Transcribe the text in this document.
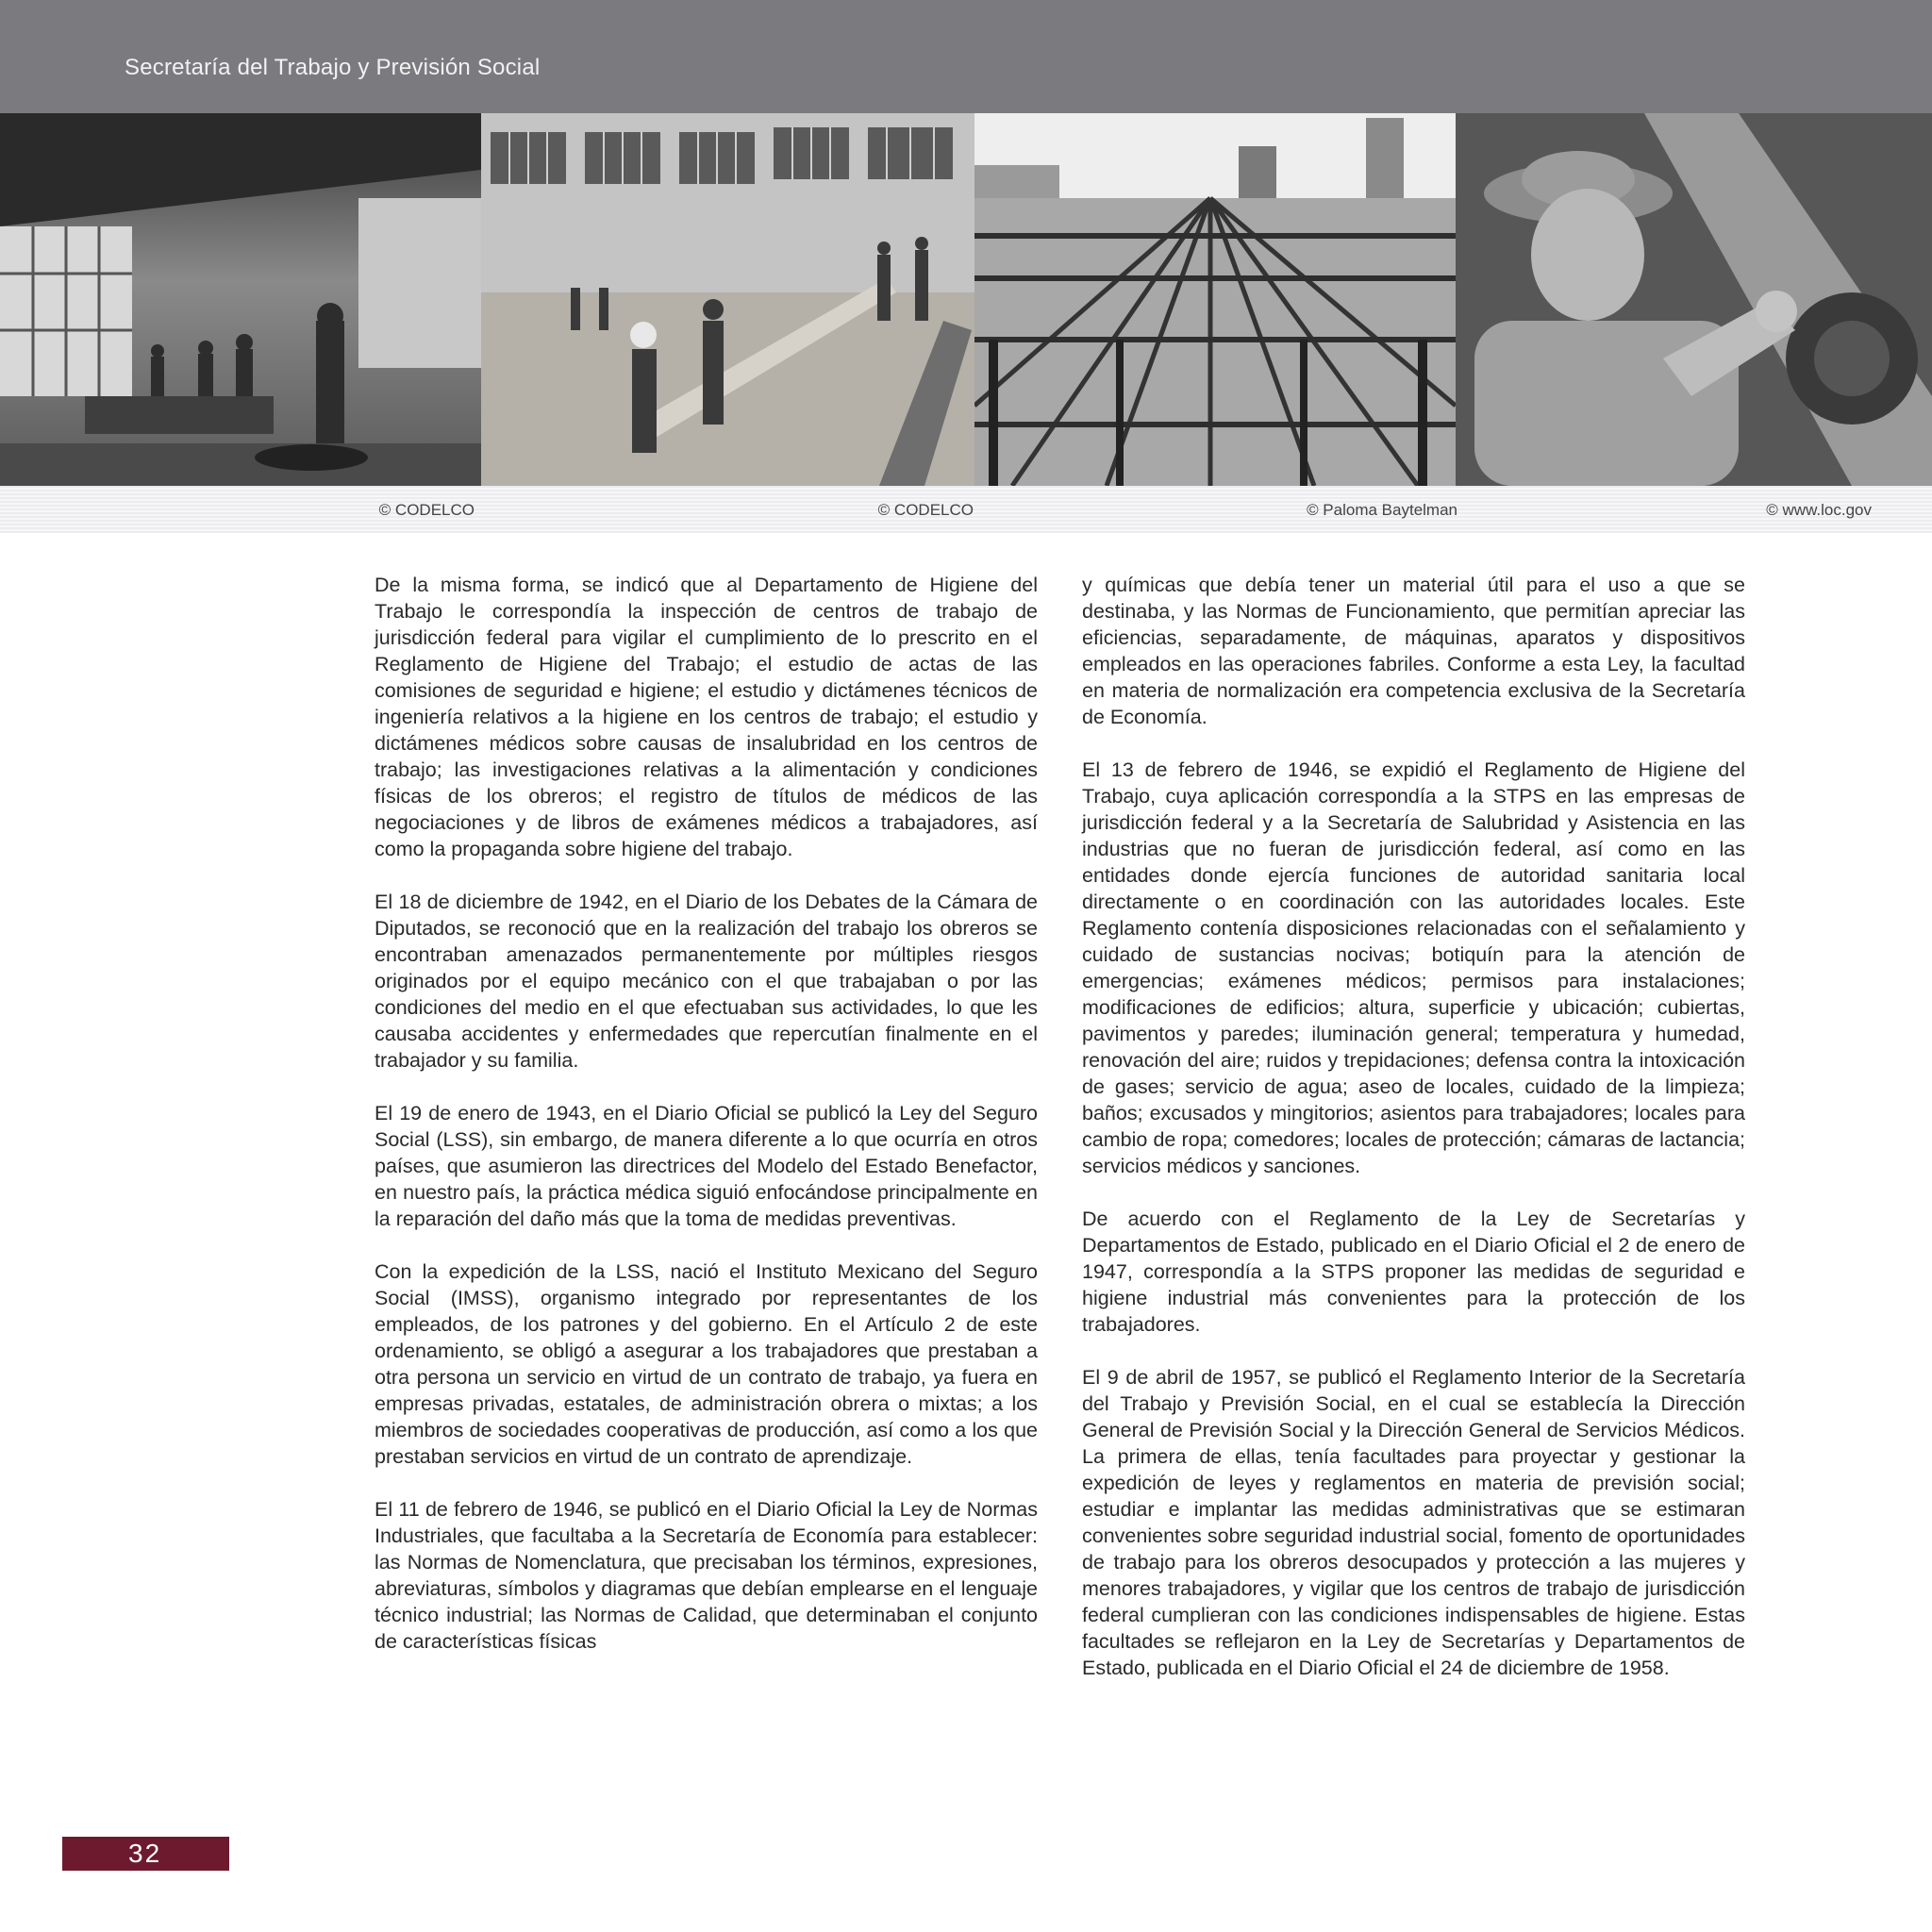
Secretaría del Trabajo y Previsión Social
© CODELCO	© CODELCO	© Paloma Baytelman	© www.loc.gov

De la misma forma, se indicó que al Departamento de Higiene del Trabajo le correspondía la inspección de centros de trabajo de jurisdicción federal para vigilar el cumplimiento de lo prescrito en el Reglamento de Higiene del Trabajo; el estudio de actas de las comisiones de seguridad e higiene; el estudio y dictámenes técnicos de ingeniería relativos a la higiene en los centros de trabajo; el estudio y dictámenes médicos sobre causas de insalubridad en los centros de trabajo; las investigaciones relativas a la alimentación y condiciones físicas de los obreros; el registro de títulos de médicos de las negociaciones y de libros de exámenes médicos a trabajadores, así como la propaganda sobre higiene del trabajo.

El 18 de diciembre de 1942, en el Diario de los Debates de la Cámara de Diputados, se reconoció que en la realización del trabajo los obreros se encontraban amenazados permanentemente por múltiples riesgos originados por el equipo mecánico con el que trabajaban o por las condiciones del medio en el que efectuaban sus actividades, lo que les causaba accidentes y enfermedades que repercutían finalmente en el trabajador y su familia.

El 19 de enero de 1943, en el Diario Oficial se publicó la Ley del Seguro Social (LSS), sin embargo, de manera diferente a lo que ocurría en otros países, que asumieron las directrices del Modelo del Estado Benefactor, en nuestro país, la práctica médica siguió enfocándose principalmente en la reparación del daño más que la toma de medidas preventivas.

Con la expedición de la LSS, nació el Instituto Mexicano del Seguro Social (IMSS), organismo integrado por representantes de los empleados, de los patrones y del gobierno. En el Artículo 2 de este ordenamiento, se obligó a asegurar a los trabajadores que prestaban a otra persona un servicio en virtud de un contrato de trabajo, ya fuera en empresas privadas, estatales, de administración obrera o mixtas; a los miembros de sociedades cooperativas de producción, así como a los que prestaban servicios en virtud de un contrato de aprendizaje.

El 11 de febrero de 1946, se publicó en el Diario Oficial la Ley de Normas Industriales, que facultaba a la Secretaría de Economía para establecer: las Normas de Nomenclatura, que precisaban los términos, expresiones, abreviaturas, símbolos y diagramas que debían emplearse en el lenguaje técnico industrial; las Normas de Calidad, que determinaban el conjunto de características físicas

y químicas que debía tener un material útil para el uso a que se destinaba, y las Normas de Funcionamiento, que permitían apreciar las eficiencias, separadamente, de máquinas, aparatos y dispositivos empleados en las operaciones fabriles. Conforme a esta Ley, la facultad en materia de normalización era competencia exclusiva de la Secretaría de Economía.

El 13 de febrero de 1946, se expidió el Reglamento de Higiene del Trabajo, cuya aplicación correspondía a la STPS en las empresas de jurisdicción federal y a la Secretaría de Salubridad y Asistencia en las industrias que no fueran de jurisdicción federal, así como en las entidades donde ejercía funciones de autoridad sanitaria local directamente o en coordinación con las autoridades locales. Este Reglamento contenía disposiciones relacionadas con el señalamiento y cuidado de sustancias nocivas; botiquín para la atención de emergencias; exámenes médicos; permisos para instalaciones; modificaciones de edificios; altura, superficie y ubicación; cubiertas, pavimentos y paredes; iluminación general; temperatura y humedad, renovación del aire; ruidos y trepidaciones; defensa contra la intoxicación de gases; servicio de agua; aseo de locales, cuidado de la limpieza; baños; excusados y mingitorios; asientos para trabajadores; locales para cambio de ropa; comedores; locales de protección; cámaras de lactancia; servicios médicos y sanciones.

De acuerdo con el Reglamento de la Ley de Secretarías y Departamentos de Estado, publicado en el Diario Oficial el 2 de enero de 1947, correspondía a la STPS proponer las medidas de seguridad e higiene industrial más convenientes para la protección de los trabajadores.

El 9 de abril de 1957, se publicó el Reglamento Interior de la Secretaría del Trabajo y Previsión Social, en el cual se establecía la Dirección General de Previsión Social y la Dirección General de Servicios Médicos. La primera de ellas, tenía facultades para proyectar y gestionar la expedición de leyes y reglamentos en materia de previsión social; estudiar e implantar las medidas administrativas que se estimaran convenientes sobre seguridad industrial social, fomento de oportunidades de trabajo para los obreros desocupados y protección a las mujeres y menores trabajadores, y vigilar que los centros de trabajo de jurisdicción federal cumplieran con las condiciones indispensables de higiene. Estas facultades se reflejaron en la Ley de Secretarías y Departamentos de Estado, publicada en el Diario Oficial el 24 de diciembre de 1958.

32
